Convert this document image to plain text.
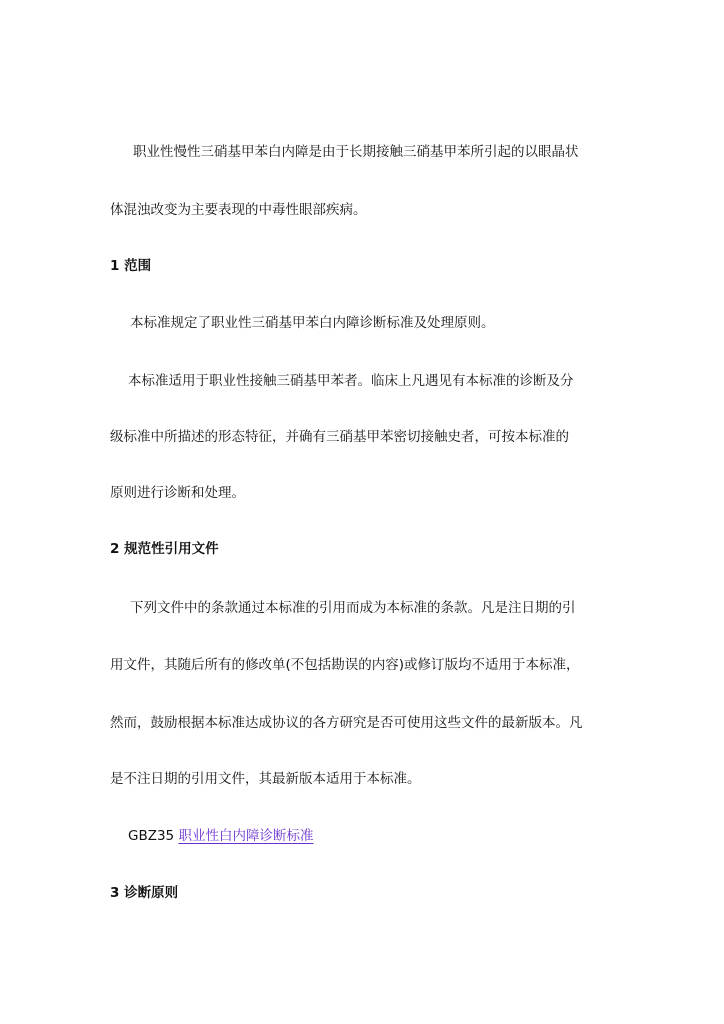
职业性慢性三硝基甲苯白内障是由于长期接触三硝基甲苯所引起的以眼晶状
体混浊改变为主要表现的中毒性眼部疾病。
1 范围
本标准规定了职业性三硝基甲苯白内障诊断标准及处理原则。
本标准适用于职业性接触三硝基甲苯者。临床上凡遇见有本标准的诊断及分
级标准中所描述的形态特征，并确有三硝基甲苯密切接触史者，可按本标准的
原则进行诊断和处理。
2 规范性引用文件
下列文件中的条款通过本标准的引用而成为本标准的条款。凡是注日期的引
用文件，其随后所有的修改单(不包括勘误的内容)或修订版均不适用于本标准，
然而，鼓励根据本标准达成协议的各方研究是否可使用这些文件的最新版本。凡
是不注日期的引用文件，其最新版本适用于本标准。
GBZ35 职业性白内障诊断标准
3 诊断原则
